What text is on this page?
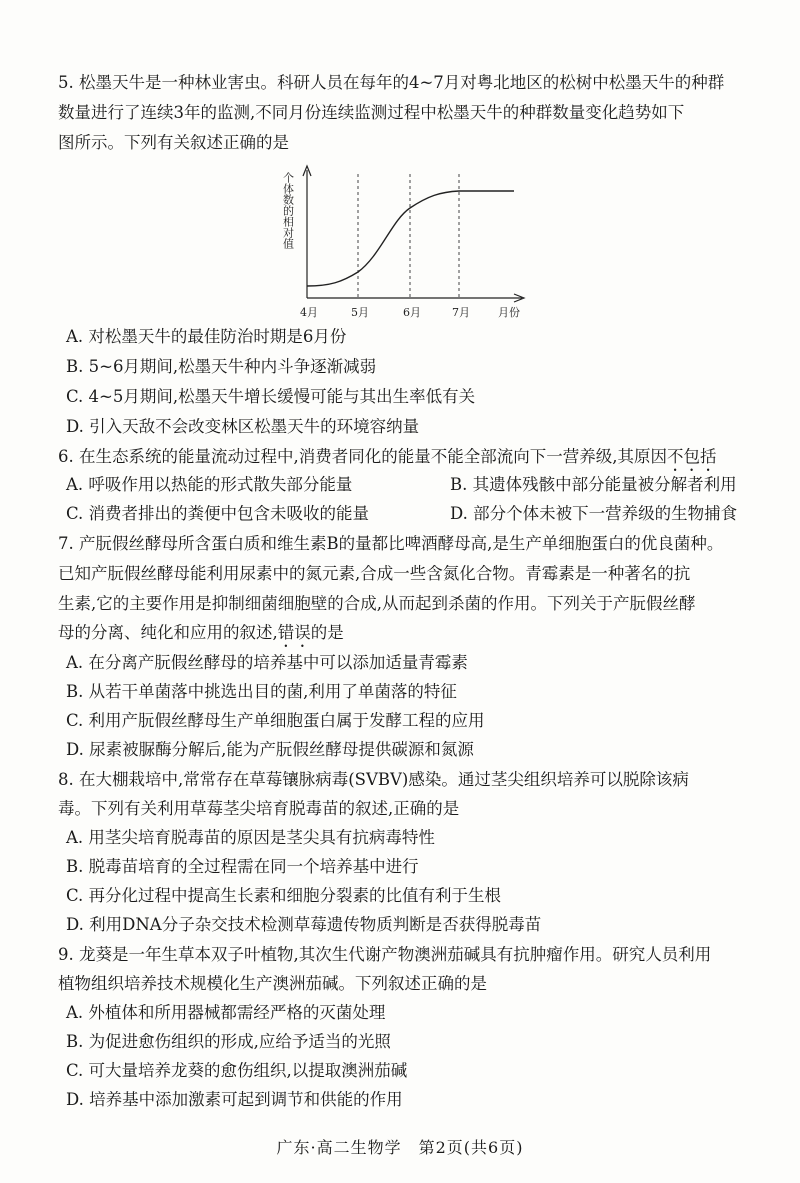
5. 松墨天牛是一种林业害虫。科研人员在每年的4~7月对粤北地区的松树中松墨天牛的种群
数量进行了连续3年的监测,不同月份连续监测过程中松墨天牛的种群数量变化趋势如下
图所示。下列有关叙述正确的是
个体数的相对值
4月	5月	6月	7月	月份
A. 对松墨天牛的最佳防治时期是6月份
B. 5~6月期间,松墨天牛种内斗争逐渐减弱
C. 4~5月期间,松墨天牛增长缓慢可能与其出生率低有关
D. 引入天敌不会改变林区松墨天牛的环境容纳量
6. 在生态系统的能量流动过程中,消费者同化的能量不能全部流向下一营养级,其原因不包括
A. 呼吸作用以热能的形式散失部分能量	B. 其遗体残骸中部分能量被分解者利用
C. 消费者排出的粪便中包含未吸收的能量	D. 部分个体未被下一营养级的生物捕食
7. 产朊假丝酵母所含蛋白质和维生素B的量都比啤酒酵母高,是生产单细胞蛋白的优良菌种。
已知产朊假丝酵母能利用尿素中的氮元素,合成一些含氮化合物。青霉素是一种著名的抗
生素,它的主要作用是抑制细菌细胞壁的合成,从而起到杀菌的作用。下列关于产朊假丝酵
母的分离、纯化和应用的叙述,错误的是
A. 在分离产朊假丝酵母的培养基中可以添加适量青霉素
B. 从若干单菌落中挑选出目的菌,利用了单菌落的特征
C. 利用产朊假丝酵母生产单细胞蛋白属于发酵工程的应用
D. 尿素被脲酶分解后,能为产朊假丝酵母提供碳源和氮源
8. 在大棚栽培中,常常存在草莓镶脉病毒(SVBV)感染。通过茎尖组织培养可以脱除该病
毒。下列有关利用草莓茎尖培育脱毒苗的叙述,正确的是
A. 用茎尖培育脱毒苗的原因是茎尖具有抗病毒特性
B. 脱毒苗培育的全过程需在同一个培养基中进行
C. 再分化过程中提高生长素和细胞分裂素的比值有利于生根
D. 利用DNA分子杂交技术检测草莓遗传物质判断是否获得脱毒苗
9. 龙葵是一年生草本双子叶植物,其次生代谢产物澳洲茄碱具有抗肿瘤作用。研究人员利用
植物组织培养技术规模化生产澳洲茄碱。下列叙述正确的是
A. 外植体和所用器械都需经严格的灭菌处理
B. 为促进愈伤组织的形成,应给予适当的光照
C. 可大量培养龙葵的愈伤组织,以提取澳洲茄碱
D. 培养基中添加激素可起到调节和供能的作用
广东·高二生物学　第2页(共6页)
